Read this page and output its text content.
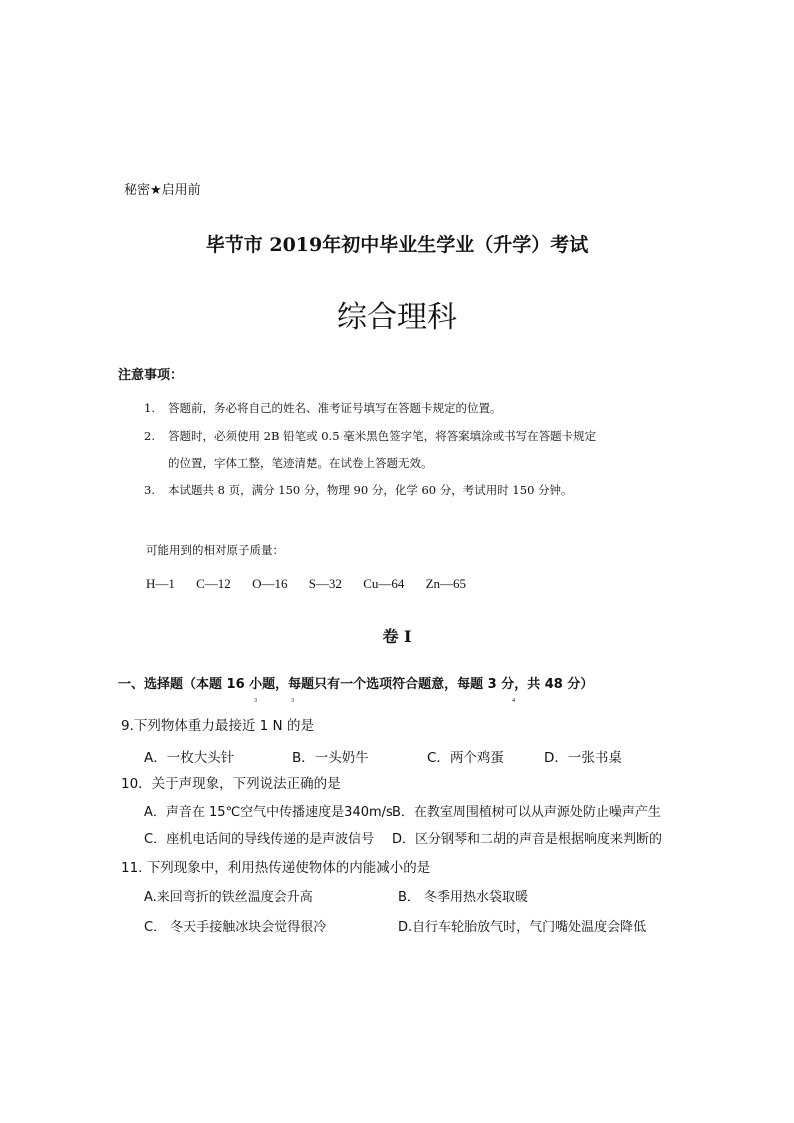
秘密★启用前
毕节市 2019年初中毕业生学业（升学）考试
综合理科
注意事项：
1. 答题前，务必将自己的姓名、准考证号填写在答题卡规定的位置。
2. 答题时，必须使用 2B 铅笔或 0.5 毫米黑色签字笔，将答案填涂或书写在答题卡规定
的位置，字体工整，笔迹清楚。在试卷上答题无效。
3. 本试题共 8 页，满分 150 分，物理 90 分，化学 60 分，考试用时 150 分钟。
可能用到的相对原子质量：
H—1 C—12 O—16 S—32 Cu—64 Zn—65
卷 I
一、选择题（本题 16 小题，每题只有一个选项符合题意，每题 3 分，共 48 分）
3	3	4
9.下列物体重力最接近 1 N 的是
A．一枚大头针	B．一头奶牛	C．两个鸡蛋	D．一张书桌
10．关于声现象，下列说法正确的是
A．声音在 15℃空气中传播速度是340m/s B．在教室周围植树可以从声源处防止噪声产生
C．座机电话间的导线传递的是声波信号 D．区分钢琴和二胡的声音是根据响度来判断的
11. 下列现象中，利用热传递使物体的内能减小的是
A.来回弯折的铁丝温度会升高	B． 冬季用热水袋取暖
C． 冬天手接触冰块会觉得很冷	D.自行车轮胎放气时，气门嘴处温度会降低
